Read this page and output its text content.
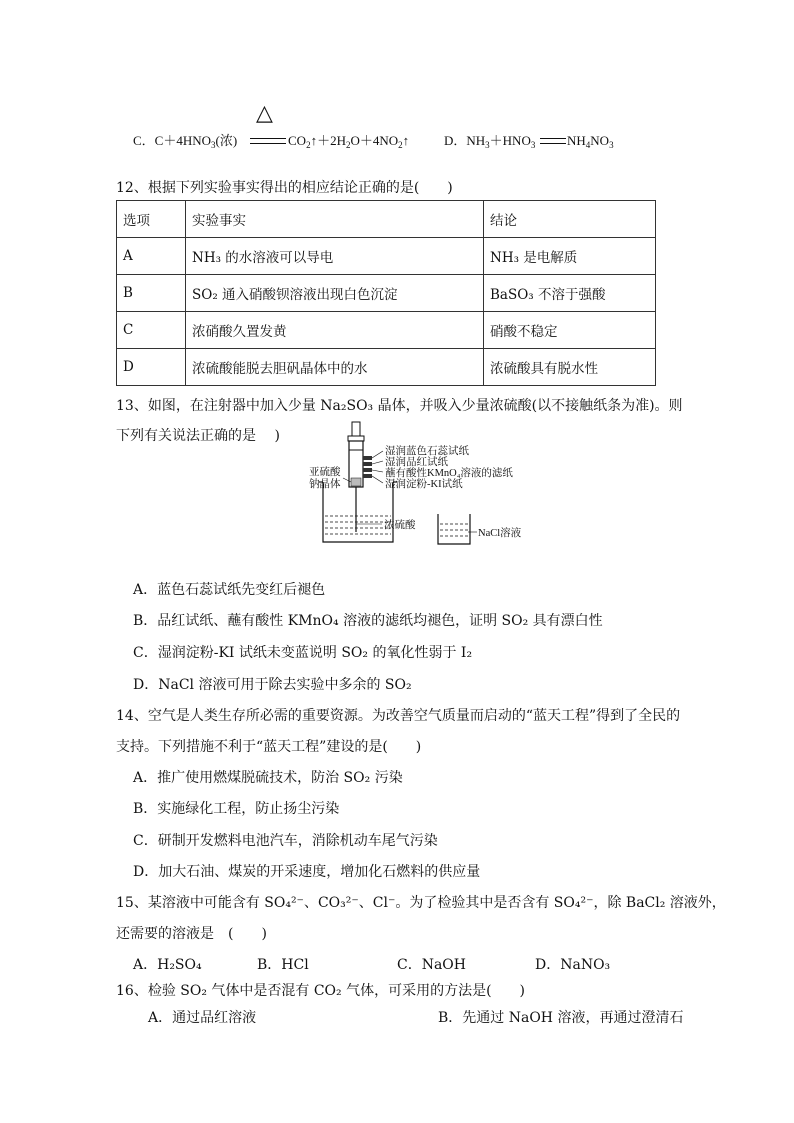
C．$C+4HNO_3$(浓)
△
$CO_2↑+2H_2O+4NO_2↑$	D．$NH_3+HNO_3$ $NH_4NO_3$
12、根据下列实验事实得出的相应结论正确的是(　　)
选项	实验事实	结论
A	NH₃ 的水溶液可以导电	NH₃ 是电解质
B	SO₂ 通入硝酸钡溶液出现白色沉淀	BaSO₃ 不溶于强酸
C	浓硝酸久置发黄	硝酸不稳定
D	浓硫酸能脱去胆矾晶体中的水	浓硫酸具有脱水性
13、如图，在注射器中加入少量 Na₂SO₃ 晶体，并吸入少量浓硫酸(以不接触纸条为准)。则
下列有关说法正确的是　 )
湿润蓝色石蕊试纸
湿润品红试纸
蘸有酸性KMnO₄溶液的滤纸
湿润淀粉-KI试纸
亚硫酸
钠晶体
浓硫酸
NaCl溶液
A．蓝色石蕊试纸先变红后褪色
B．品红试纸、蘸有酸性 KMnO₄ 溶液的滤纸均褪色，证明 SO₂ 具有漂白性
C．湿润淀粉-KI 试纸未变蓝说明 SO₂ 的氧化性弱于 I₂
D．NaCl 溶液可用于除去实验中多余的 SO₂
14、空气是人类生存所必需的重要资源。为改善空气质量而启动的“蓝天工程”得到了全民的
支持。下列措施不利于“蓝天工程”建设的是(　　)
A．推广使用燃煤脱硫技术，防治 SO₂ 污染
B．实施绿化工程，防止扬尘污染
C．研制开发燃料电池汽车，消除机动车尾气污染
D．加大石油、煤炭的开采速度，增加化石燃料的供应量
15、某溶液中可能含有 SO₄²⁻、CO₃²⁻、Cl⁻。为了检验其中是否含有 SO₄²⁻，除 BaCl₂ 溶液外，
还需要的溶液是　(　　)
A．H₂SO₄	B．HCl	C．NaOH	D．NaNO₃
16、检验 SO₂ 气体中是否混有 CO₂ 气体，可采用的方法是(　　)
A．通过品红溶液	B．先通过 NaOH 溶液，再通过澄清石
